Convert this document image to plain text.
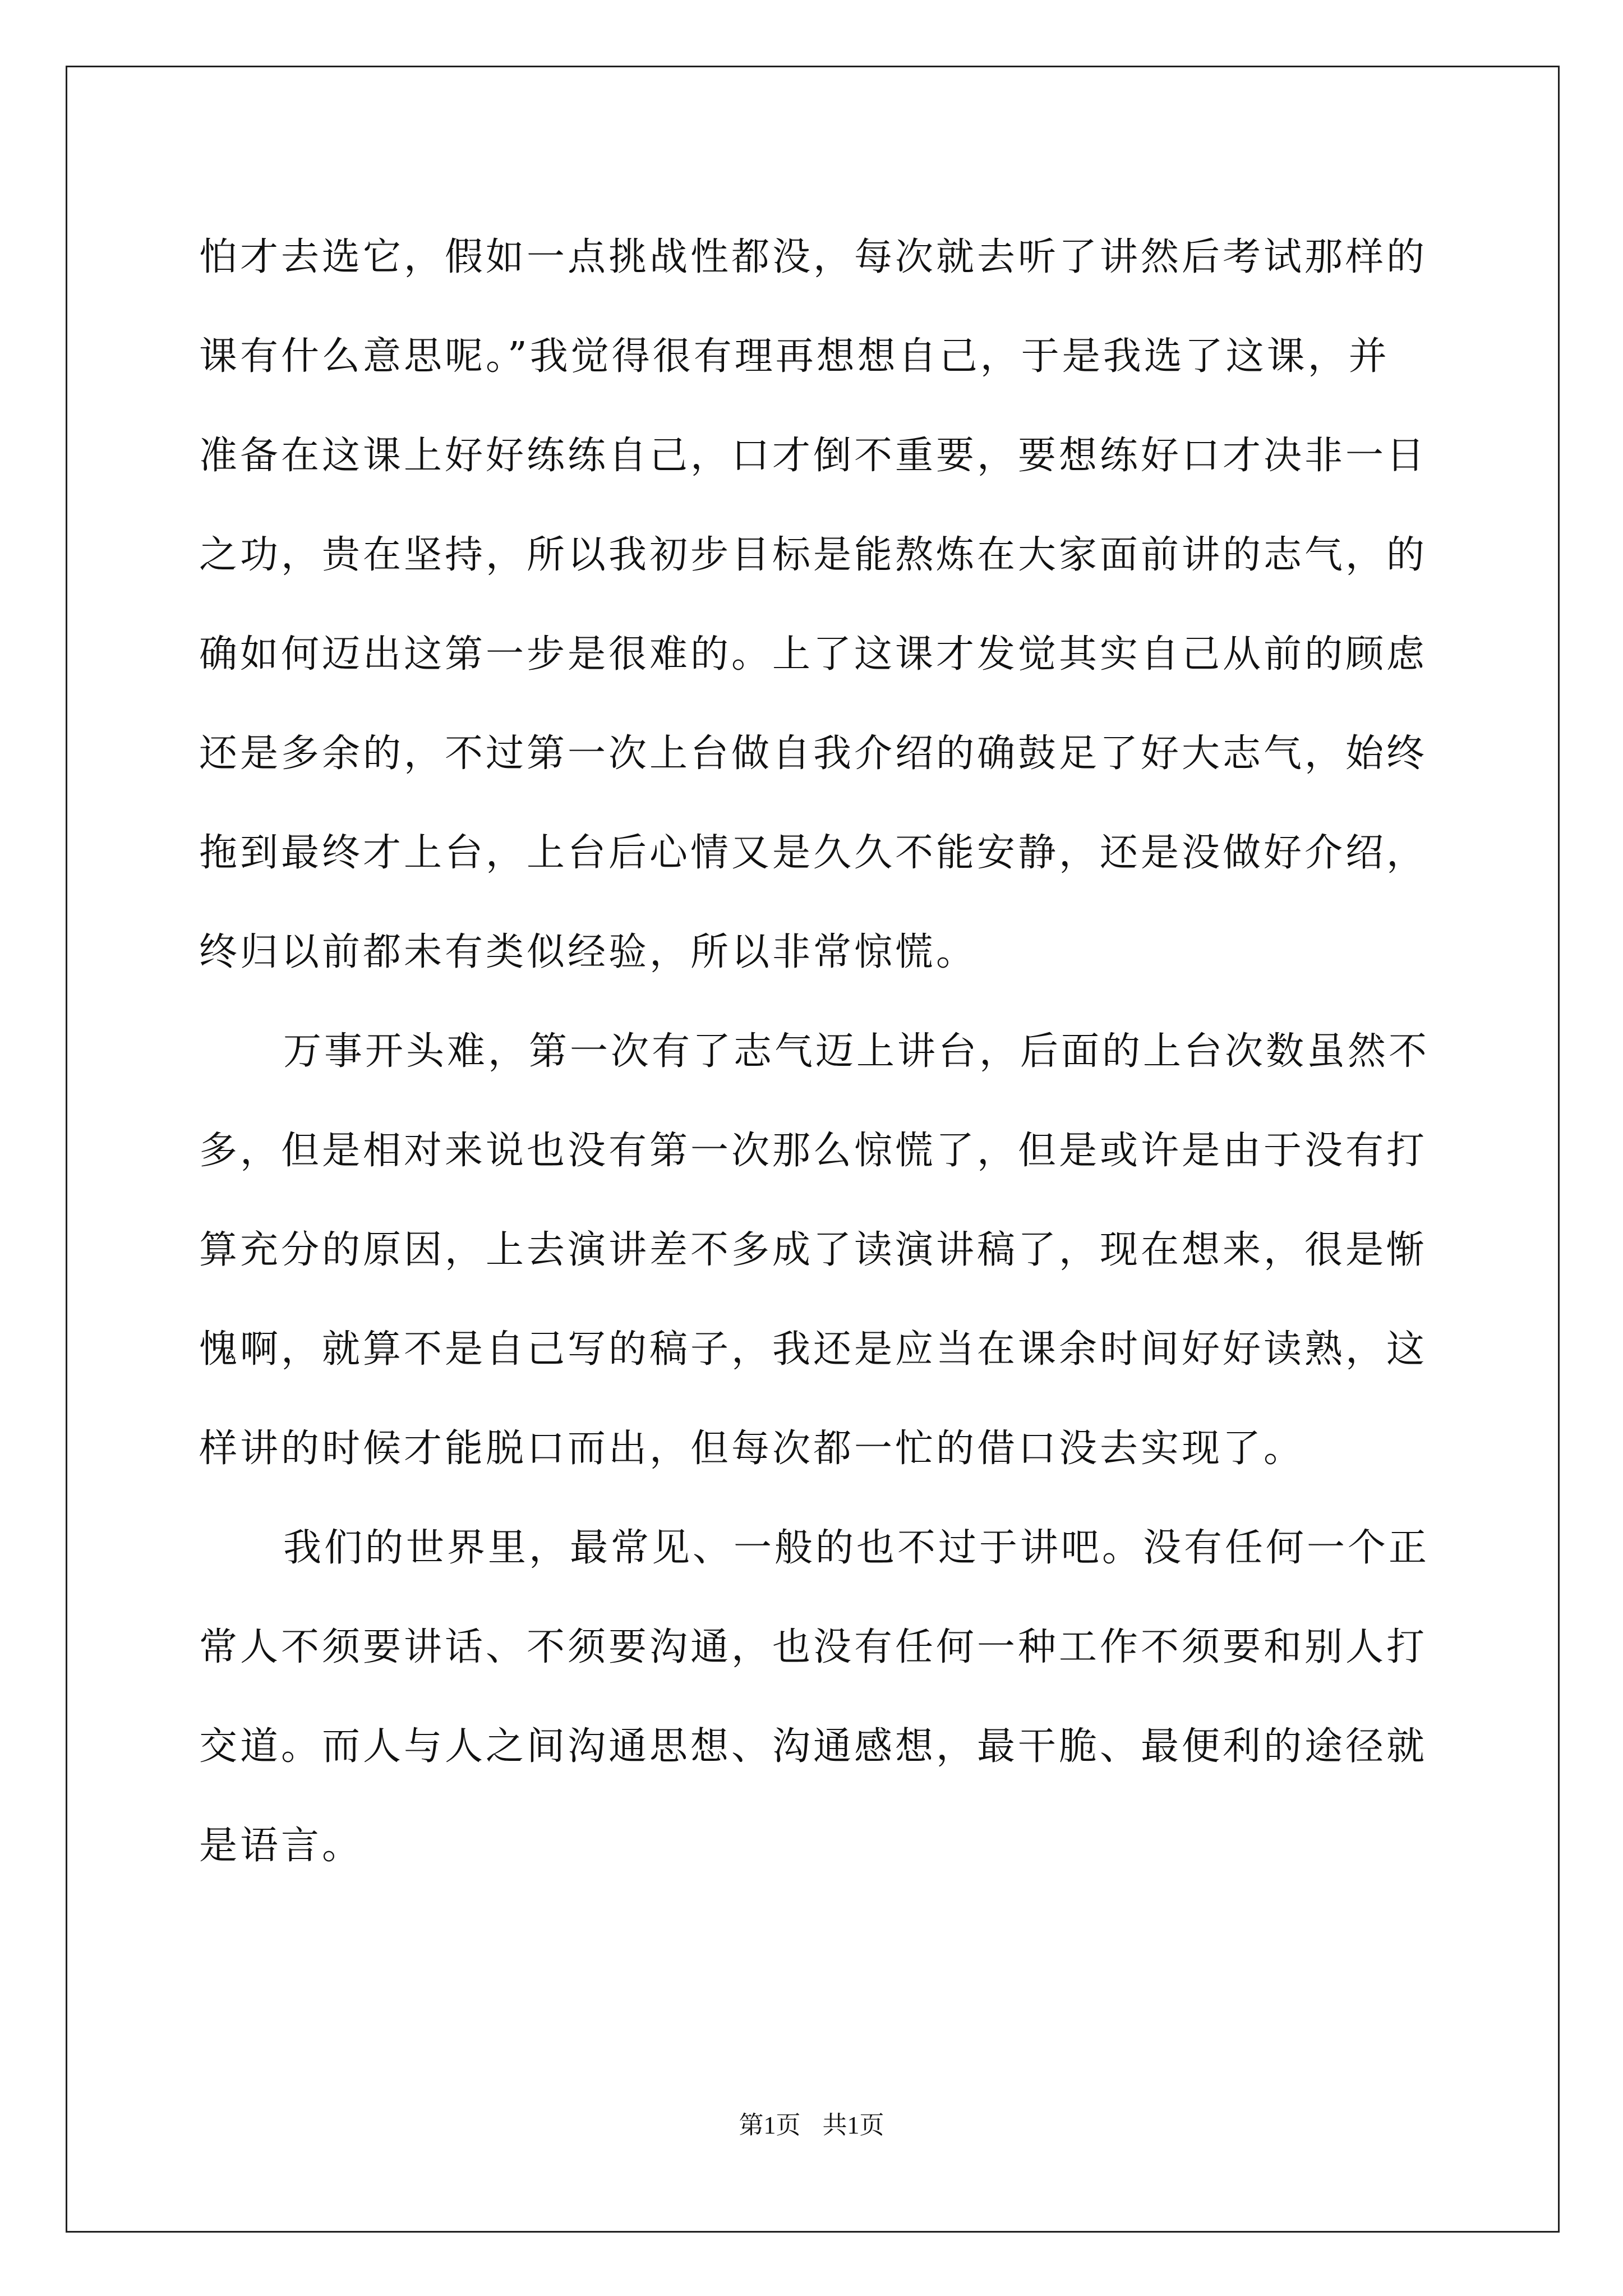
怕才去选它，假如一点挑战性都没，每次就去听了讲然后考试那样的
课有什么意思呢。”我觉得很有理再想想自己，于是我选了这课，并
准备在这课上好好练练自己，口才倒不重要，要想练好口才决非一日
之功，贵在坚持，所以我初步目标是能熬炼在大家面前讲的志气，的
确如何迈出这第一步是很难的。上了这课才发觉其实自己从前的顾虑
还是多余的，不过第一次上台做自我介绍的确鼓足了好大志气，始终
拖到最终才上台，上台后心情又是久久不能安静，还是没做好介绍，
终归以前都未有类似经验，所以非常惊慌。
万事开头难，第一次有了志气迈上讲台，后面的上台次数虽然不
多，但是相对来说也没有第一次那么惊慌了，但是或许是由于没有打
算充分的原因，上去演讲差不多成了读演讲稿了，现在想来，很是惭
愧啊，就算不是自己写的稿子，我还是应当在课余时间好好读熟，这
样讲的时候才能脱口而出，但每次都一忙的借口没去实现了。
我们的世界里，最常见、一般的也不过于讲吧。没有任何一个正
常人不须要讲话、不须要沟通，也没有任何一种工作不须要和别人打
交道。而人与人之间沟通思想、沟通感想，最干脆、最便利的途径就
是语言。
第1页 共1页
